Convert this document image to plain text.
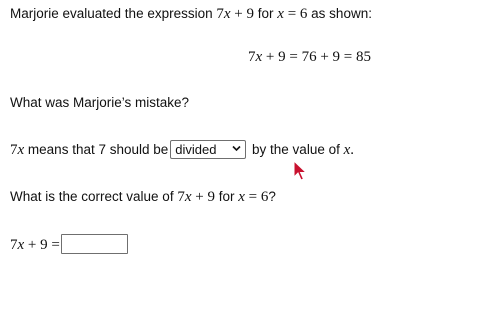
Marjorie evaluated the expression 7x + 9 for x = 6 as shown:
7x + 9 = 76 + 9 = 85
What was Marjorie’s mistake?
7x means that 7 should be divided by the value of x.
What is the correct value of 7x + 9 for x = 6?
7x + 9 =
